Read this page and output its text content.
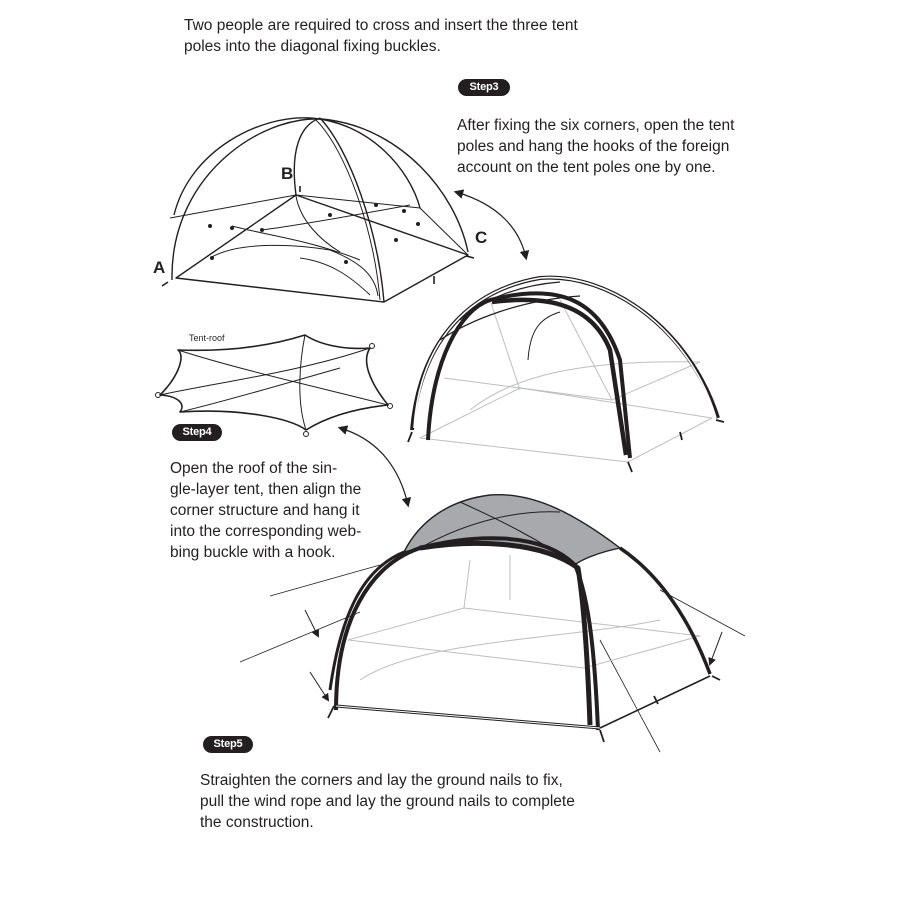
Two people are required to cross and insert the three tent
poles into the diagonal fixing buckles.

Step3

After fixing the six corners, open the tent
poles and hang the hooks of the foreign
account on the tent poles one by one.

Step4

Open the roof of the sin-
gle-layer tent, then align the
corner structure and hang it
into the corresponding web-
bing buckle with a hook.

Step5

Straighten the corners and lay the ground nails to fix,
pull the wind rope and lay the ground nails to complete
the construction.

A
B
C
Tent-roof
